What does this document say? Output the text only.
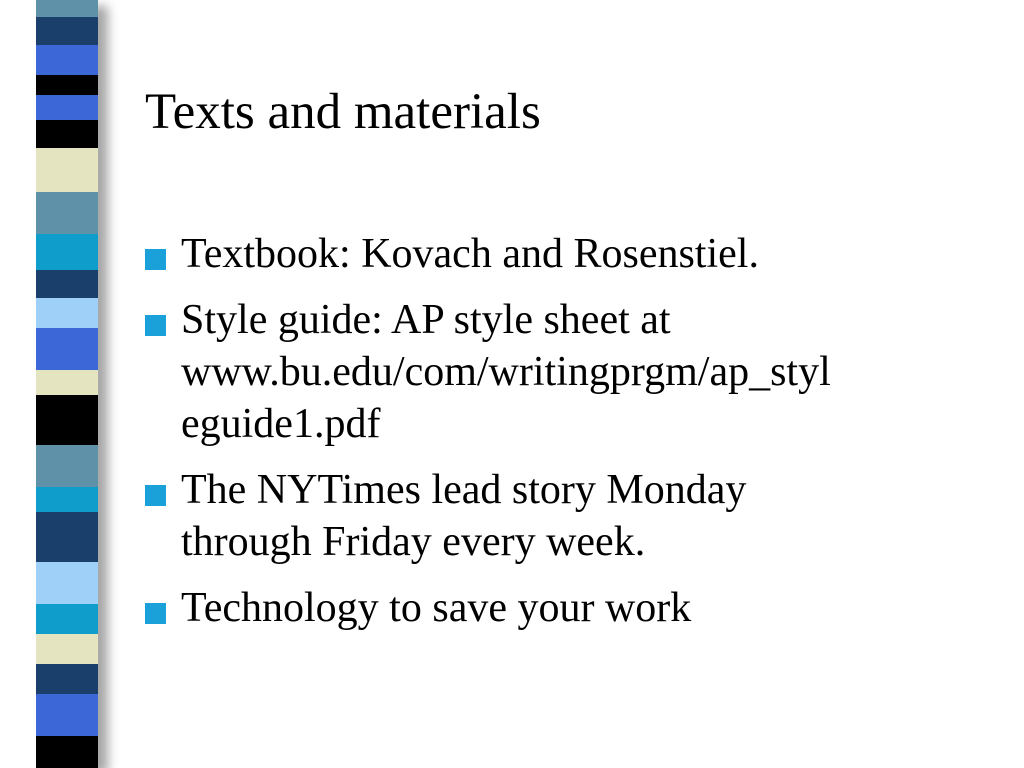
Texts and materials
Textbook: Kovach and Rosenstiel.
Style guide: AP style sheet at
www.bu.edu/com/writingprgm/ap_styl
eguide1.pdf
The NYTimes lead story Monday
through Friday every week.
Technology to save your work
